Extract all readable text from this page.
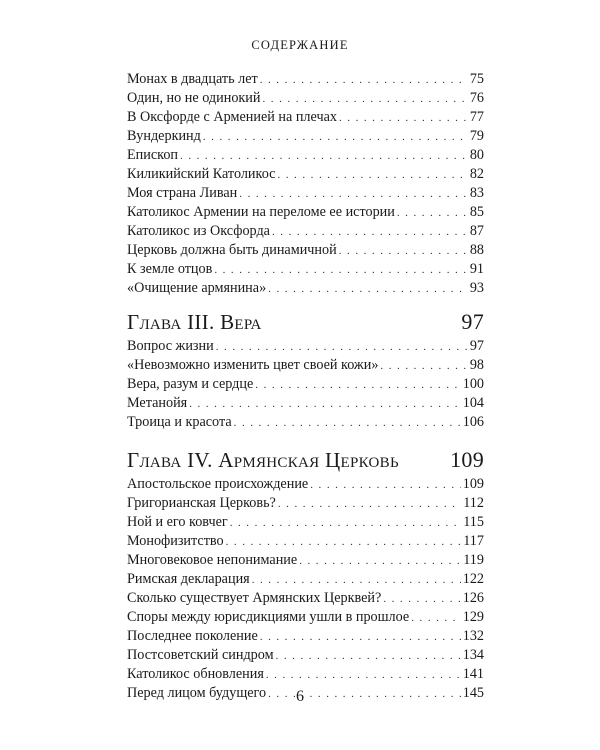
СОДЕРЖАНИЕ
Монах в двадцать лет . . .	75
Один, но не одинокий . . .	76
В Оксфорде с Арменией на плечах . . .	77
Вундеркинд . . .	79
Епископ . . .	80
Киликийский Католикос . . .	82
Моя страна Ливан . . .	83
Католикос Армении на переломе ее истории . . .	85
Католикос из Оксфорда . . .	87
Церковь должна быть динамичной . . .	88
К земле отцов . . .	91
«Очищение армянина» . . .	93
Глава III. Вера	97
Вопрос жизни . . .	97
«Невозможно изменить цвет своей кожи» . . .	98
Вера, разум и сердце . . .	100
Метанойя . . .	104
Троица и красота . . .	106
Глава IV. Армянская Церковь 109
Апостольское происхождение . . .	109
Григорианская Церковь? . . .	112
Ной и его ковчег . . .	115
Монофизитство . . .	117
Многовековое непонимание . . .	119
Римская декларация . . .	122
Сколько существует Армянских Церквей? . . .	126
Споры между юрисдикциями ушли в прошлое . . .	129
Последнее поколение . . .	132
Постсоветский синдром . . .	134
Католикос обновления . . .	141
Перед лицом будущего . . .	145
6
